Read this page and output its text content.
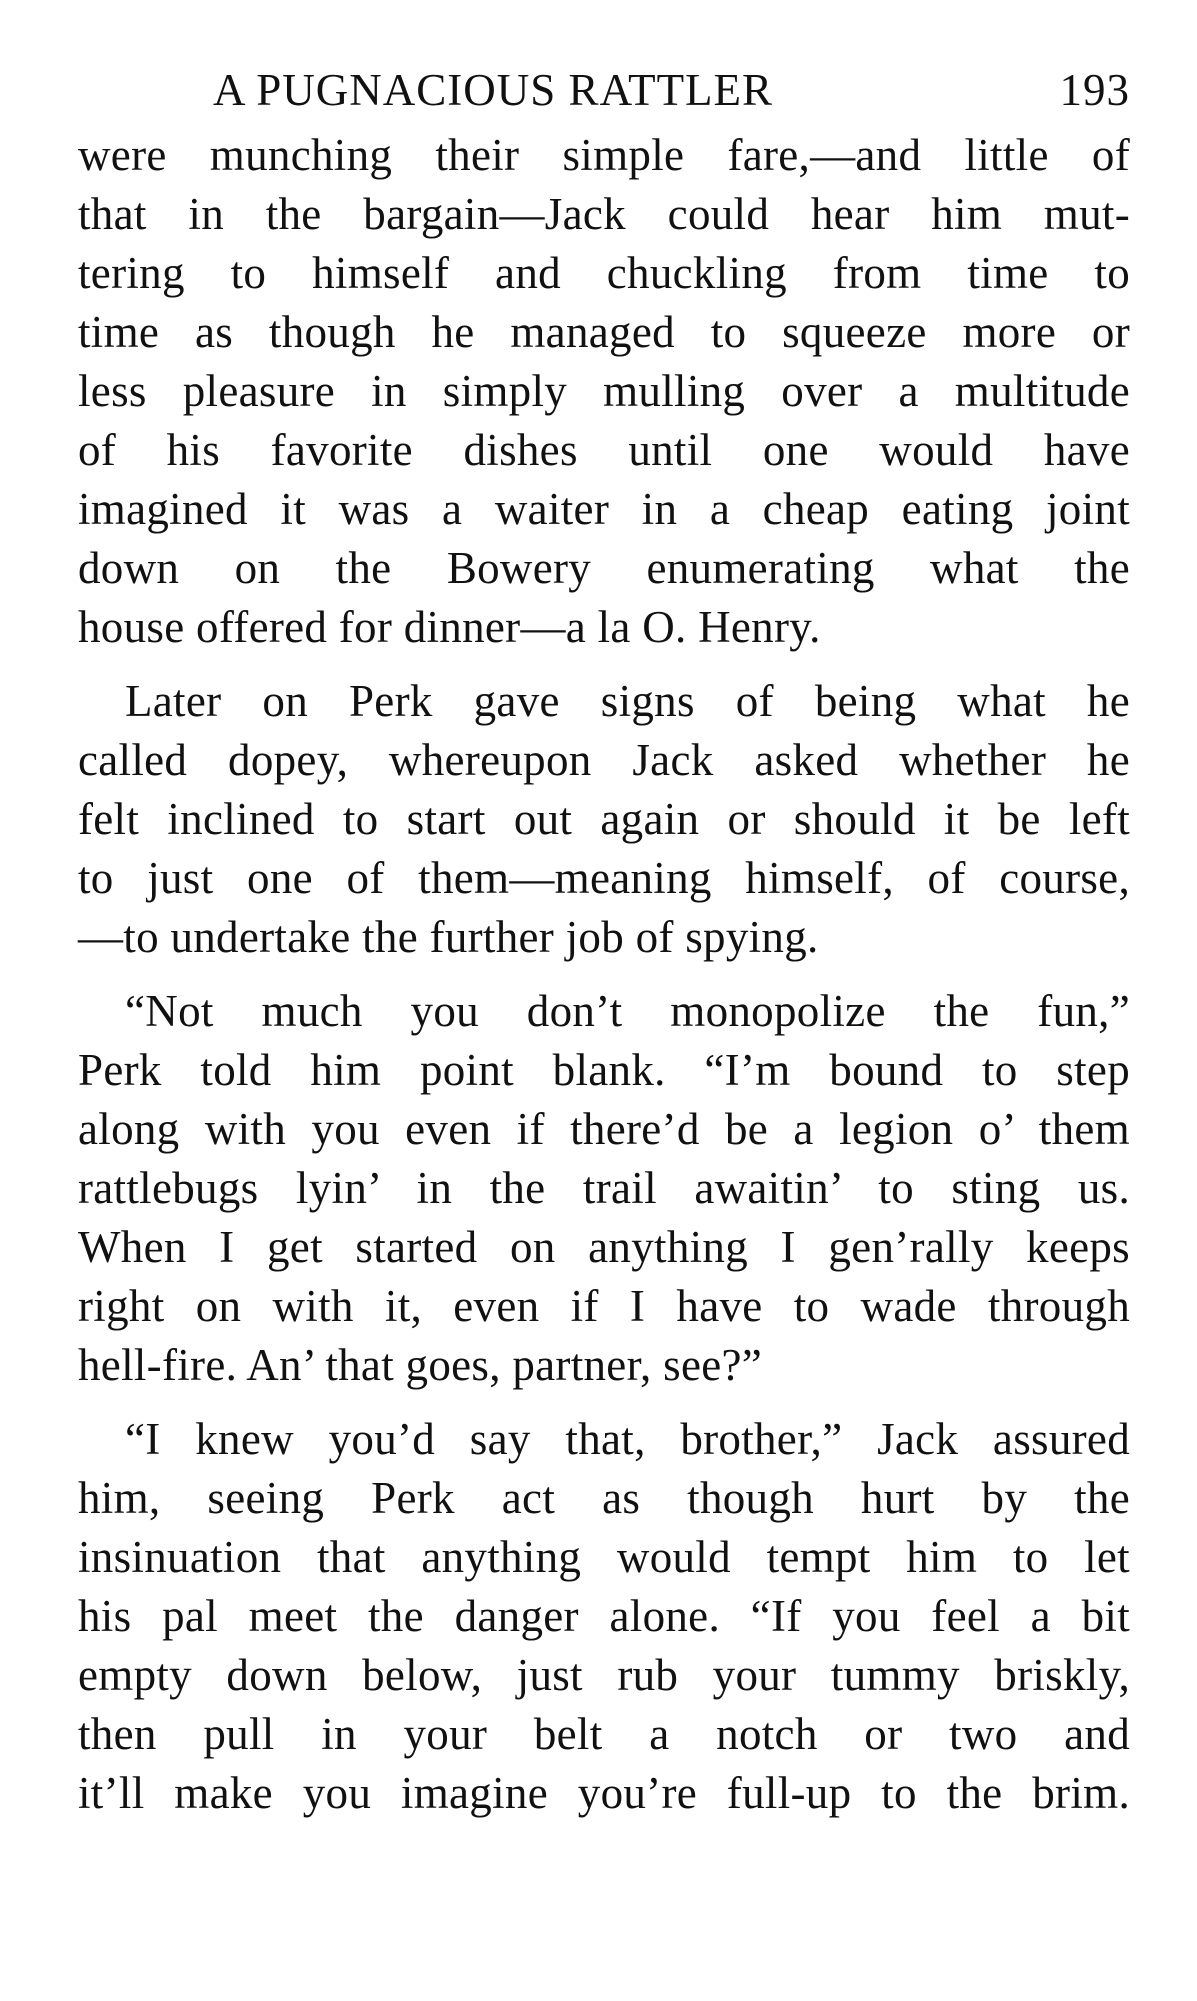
A PUGNACIOUS RATTLER	193

were munching their simple fare,—and little of
that in the bargain—Jack could hear him mut-
tering to himself and chuckling from time to
time as though he managed to squeeze more or
less pleasure in simply mulling over a multitude
of his favorite dishes until one would have
imagined it was a waiter in a cheap eating joint
down on the Bowery enumerating what the
house offered for dinner—a la O. Henry.

Later on Perk gave signs of being what he
called dopey, whereupon Jack asked whether he
felt inclined to start out again or should it be left
to just one of them—meaning himself, of course,
—to undertake the further job of spying.

“Not much you don’t monopolize the fun,”
Perk told him point blank. “I’m bound to step
along with you even if there’d be a legion o’ them
rattlebugs lyin’ in the trail awaitin’ to sting us.
When I get started on anything I gen’rally keeps
right on with it, even if I have to wade through
hell-fire. An’ that goes, partner, see?”

“I knew you’d say that, brother,” Jack assured
him, seeing Perk act as though hurt by the
insinuation that anything would tempt him to let
his pal meet the danger alone. “If you feel a bit
empty down below, just rub your tummy briskly,
then pull in your belt a notch or two and
it’ll make you imagine you’re full-up to the brim.
